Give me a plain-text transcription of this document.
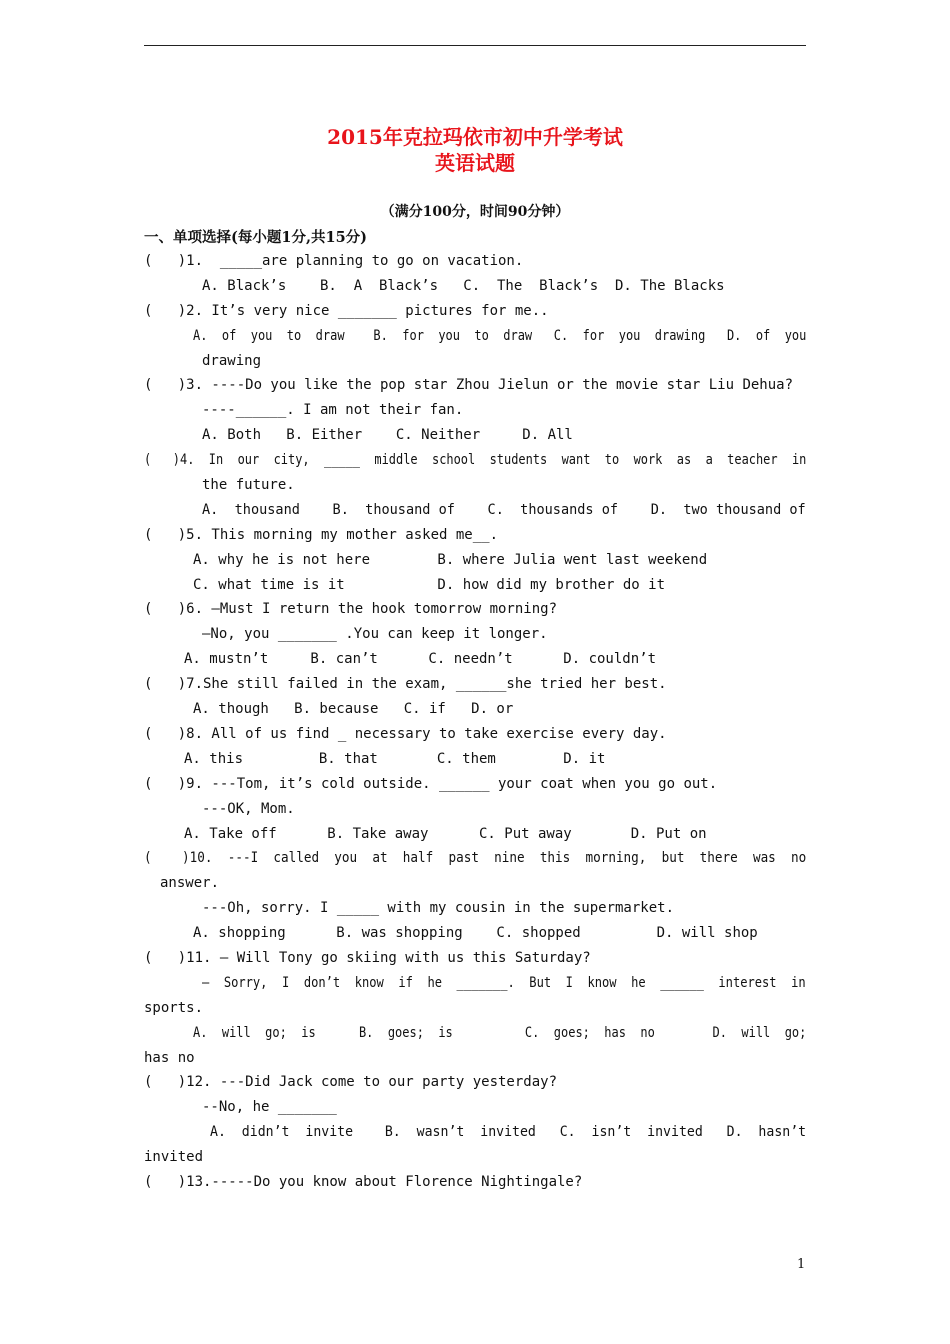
2015年克拉玛依市初中升学考试
英语试题
（满分100分，时间90分钟）
一、单项选择(每小题1分,共15分)
(   )1.  _____are planning to go on vacation.
A. Black’s    B.  A  Black’s   C.  The  Black’s  D. The Blacks
(   )2. It’s very nice _______ pictures for me..
A.  of  you  to  draw    B.  for  you  to  draw   C.  for  you  drawing   D.  of  you
drawing
(   )3. ----Do you like the pop star Zhou Jielun or the movie star Liu Dehua?
----______. I am not their fan.
A. Both   B. Either    C. Neither     D. All
(   )4.  In  our  city,  _____  middle  school  students  want  to  work  as  a  teacher  in
the future.
A.  thousand    B.  thousand of    C.  thousands of    D.  two thousand of
(   )5. This morning my mother asked me__.
A. why he is not here        B. where Julia went last weekend
C. what time is it           D. how did my brother do it
(   )6. —Must I return the hook tomorrow morning?
—No, you _______ .You can keep it longer.
A. mustn’t     B. can’t      C. needn’t      D. couldn’t
(   )7.She still failed in the exam, ______she tried her best.
A. though   B. because   C. if   D. or
(   )8. All of us find _ necessary to take exercise every day.
A. this         B. that       C. them        D. it
(   )9. ---Tom, it’s cold outside. ______ your coat when you go out.
---OK, Mom.
A. Take off      B. Take away      C. Put away       D. Put on
(    )10.  ---I  called  you  at  half  past  nine  this  morning,  but  there  was  no
answer.
---Oh, sorry. I _____ with my cousin in the supermarket.
A. shopping      B. was shopping    C. shopped         D. will shop
(   )11. — Will Tony go skiing with us this Saturday?
—  Sorry,  I  don’t  know  if  he  _______.  But  I  know  he  ______  interest  in
sports.
A.  will  go;  is      B.  goes;  is          C.  goes;  has  no        D.  will  go;
has no
(   )12. ---Did Jack come to our party yesterday?
--No, he _______
A.  didn’t  invite    B.  wasn’t  invited   C.  isn’t  invited   D.  hasn’t
invited
(   )13.-----Do you know about Florence Nightingale?
1
